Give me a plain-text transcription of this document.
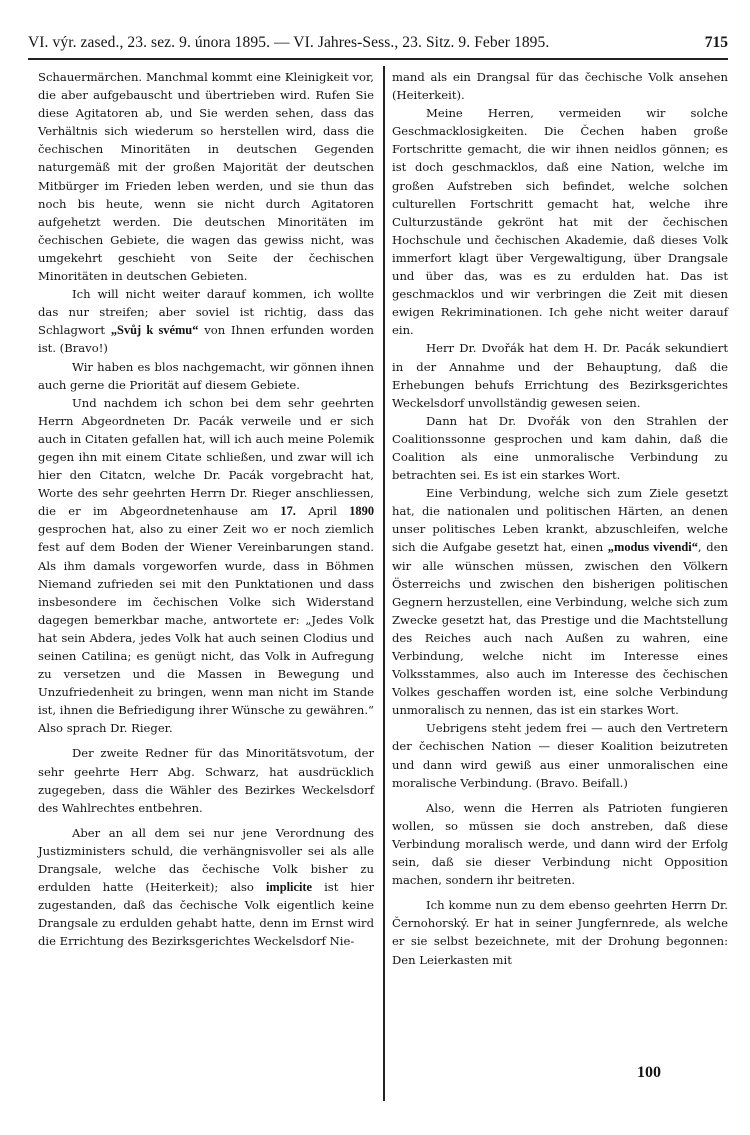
VI. výr. zased., 23. sez. 9. února 1895. — VI. Jahres-Sess., 23. Sitz. 9. Feber 1895.	715

Schauermärchen. Manchmal kommt eine Kleinigkeit vor, die aber aufgebauscht und übertrieben wird. Rufen Sie diese Agitatoren ab, und Sie werden sehen, dass das Verhältnis sich wiederum so herstellen wird, dass die čechischen Minoritäten in deutschen Gegenden naturgemäß mit der großen Majorität der deutschen Mitbürger im Frieden leben werden, und sie thun das noch bis heute, wenn sie nicht durch Agitatoren aufgehetzt werden. Die deutschen Minoritäten im čechischen Gebiete, die wagen das gewiss nicht, was umgekehrt geschieht von Seite der čechischen Minoritäten in deutschen Gebieten.

Ich will nicht weiter darauf kommen, ich wollte das nur streifen; aber soviel ist richtig, dass das Schlagwort „Svůj k svému“ von Ihnen erfunden worden ist. (Bravo!)

Wir haben es blos nachgemacht, wir gönnen ihnen auch gerne die Priorität auf diesem Gebiete.

Und nachdem ich schon bei dem sehr geehrten Herrn Abgeordneten Dr. Pacák verweile und er sich auch in Citaten gefallen hat, will ich auch meine Polemik gegen ihn mit einem Citate schließen, und zwar will ich hier den Citatcn, welche Dr. Pacák vorgebracht hat, Worte des sehr geehrten Herrn Dr. Rieger anschliessen, die er im Abgeordnetenhause am 17. April 1890 gesprochen hat, also zu einer Zeit wo er noch ziemlich fest auf dem Boden der Wiener Vereinbarungen stand. Als ihm damals vorgeworfen wurde, dass in Böhmen Niemand zufrieden sei mit den Punktationen und dass insbesondere im čechischen Volke sich Widerstand dagegen bemerkbar mache, antwortete er: „Jedes Volk hat sein Abdera, jedes Volk hat auch seinen Clodius und seinen Catilina; es genügt nicht, das Volk in Aufregung zu versetzen und die Massen in Bewegung und Unzufriedenheit zu bringen, wenn man nicht im Stande ist, ihnen die Befriedigung ihrer Wünsche zu gewähren.“ Also sprach Dr. Rieger.

Der zweite Redner für das Minoritätsvotum, der sehr geehrte Herr Abg. Schwarz, hat ausdrücklich zugegeben, dass die Wähler des Bezirkes Weckelsdorf des Wahlrechtes entbehren.

Aber an all dem sei nur jene Verordnung des Justizministers schuld, die verhängnisvoller sei als alle Drangsale, welche das čechische Volk bisher zu erdulden hatte (Heiterkeit); also implicite ist hier zugestanden, daß das čechische Volk eigentlich keine Drangsale zu erdulden gehabt hatte, denn im Ernst wird die Errichtung des Bezirksgerichtes Weckelsdorf Nie-

mand als ein Drangsal für das čechische Volk ansehen (Heiterkeit).

Meine Herren, vermeiden wir solche Geschmacklosigkeiten. Die Čechen haben große Fortschritte gemacht, die wir ihnen neidlos gönnen; es ist doch geschmacklos, daß eine Nation, welche im großen Aufstreben sich befindet, welche solchen culturellen Fortschritt gemacht hat, welche ihre Culturzustände gekrönt hat mit der čechischen Hochschule und čechischen Akademie, daß dieses Volk immerfort klagt über Vergewaltigung, über Drangsale und über das, was es zu erdulden hat. Das ist geschmacklos und wir verbringen die Zeit mit diesen ewigen Rekriminationen. Ich gehe nicht weiter darauf ein.

Herr Dr. Dvořák hat dem H. Dr. Pacák sekundiert in der Annahme und der Behauptung, daß die Erhebungen behufs Errichtung des Bezirksgerichtes Weckelsdorf unvollständig gewesen seien.

Dann hat Dr. Dvořák von den Strahlen der Coalitionssonne gesprochen und kam dahin, daß die Coalition als eine unmoralische Verbindung zu betrachten sei. Es ist ein starkes Wort.

Eine Verbindung, welche sich zum Ziele gesetzt hat, die nationalen und politischen Härten, an denen unser politisches Leben krankt, abzuschleifen, welche sich die Aufgabe gesetzt hat, einen „modus vivendi“, den wir alle wünschen müssen, zwischen den Völkern Österreichs und zwischen den bisherigen politischen Gegnern herzustellen, eine Verbindung, welche sich zum Zwecke gesetzt hat, das Prestige und die Machtstellung des Reiches auch nach Außen zu wahren, eine Verbindung, welche nicht im Interesse eines Volksstammes, also auch im Interesse des čechischen Volkes geschaffen worden ist, eine solche Verbindung unmoralisch zu nennen, das ist ein starkes Wort.

Uebrigens steht jedem frei — auch den Vertretern der čechischen Nation — dieser Koalition beizutreten und dann wird gewiß aus einer unmoralischen eine moralische Verbindung. (Bravo. Beifall.)

Also, wenn die Herren als Patrioten fungieren wollen, so müssen sie doch anstreben, daß diese Verbindung moralisch werde, und dann wird der Erfolg sein, daß sie dieser Verbindung nicht Opposition machen, sondern ihr beitreten.

Ich komme nun zu dem ebenso geehrten Herrn Dr. Černohorský. Er hat in seiner Jungfernrede, als welche er sie selbst bezeichnete, mit der Drohung begonnen: Den Leierkasten mit

100
